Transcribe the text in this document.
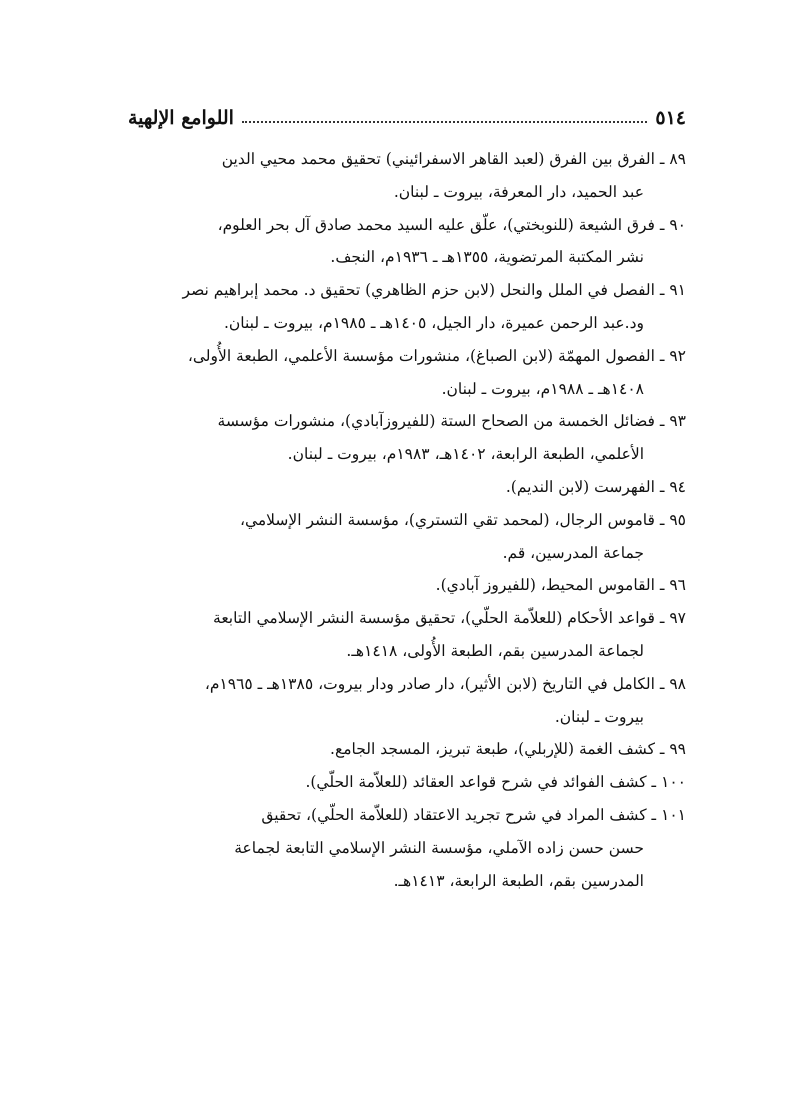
٥١٤
اللوامع الإلهية
٨٩ ـ الفرق بين الفرق (لعبد القاهر الاسفرائيني) تحقيق محمد محيي الدين
عبد الحميد، دار المعرفة، بيروت ـ لبنان.
٩٠ ـ فرق الشيعة (للنوبختي)، علّق عليه السيد محمد صادق آل بحر العلوم،
نشر المكتبة المرتضوية، ١٣٥٥هـ ـ ١٩٣٦م، النجف.
٩١ ـ الفصل في الملل والنحل (لابن حزم الظاهري) تحقيق د. محمد إبراهيم نصر
ود.عبد الرحمن عميرة، دار الجيل، ١٤٠٥هـ ـ ١٩٨٥م، بيروت ـ لبنان.
٩٢ ـ الفصول المهمّة (لابن الصباغ)، منشورات مؤسسة الأعلمي، الطبعة الأُولى،
١٤٠٨هـ ـ ١٩٨٨م، بيروت ـ لبنان.
٩٣ ـ فضائل الخمسة من الصحاح الستة (للفيروزآبادي)، منشورات مؤسسة
الأعلمي، الطبعة الرابعة، ١٤٠٢هـ، ١٩٨٣م، بيروت ـ لبنان.
٩٤ ـ الفهرست (لابن النديم).
٩٥ ـ قاموس الرجال، (لمحمد تقي التستري)، مؤسسة النشر الإسلامي،
جماعة المدرسين، قم.
٩٦ ـ القاموس المحيط، (للفيروز آبادي).
٩٧ ـ قواعد الأحكام (للعلاّمة الحلّي)، تحقيق مؤسسة النشر الإسلامي التابعة
لجماعة المدرسين بقم، الطبعة الأُولى، ١٤١٨هـ.
٩٨ ـ الكامل في التاريخ (لابن الأثير)، دار صادر ودار بيروت، ١٣٨٥هـ ـ ١٩٦٥م،
بيروت ـ لبنان.
٩٩ ـ كشف الغمة (للإربلي)، طبعة تبريز، المسجد الجامع.
١٠٠ ـ كشف الفوائد في شرح قواعد العقائد (للعلاّمة الحلّي).
١٠١ ـ كشف المراد في شرح تجريد الاعتقاد (للعلاّمة الحلّي)، تحقيق
حسن حسن زاده الآملي، مؤسسة النشر الإسلامي التابعة لجماعة
المدرسين بقم، الطبعة الرابعة، ١٤١٣هـ.
